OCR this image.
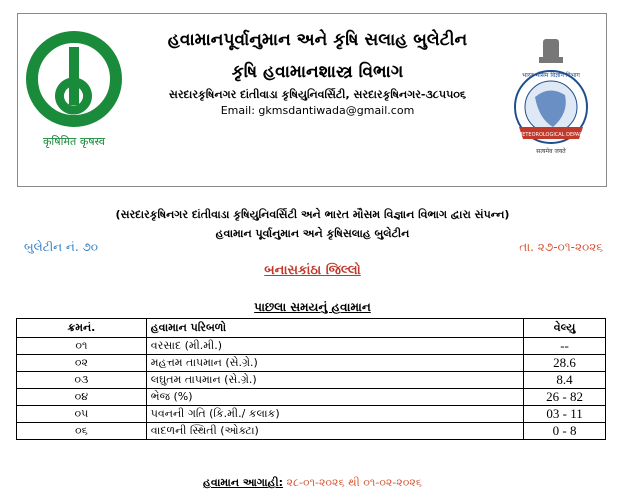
कृषिमित कृषस्व	INDIA METEOROLOGICAL DEPARTMENT
भारत मौसम विज्ञान विभाग
सत्यमेव जयते
હવામાનપૂર્વાનુમાન અને કૃષિ સલાહ બુલેટીન
કૃષિ હવામાનશાસ્ત્ર વિભાગ
સરદારકૃષિનગર દાંતીવાડા કૃષિયુનિવર્સિટી, સરદારકૃષિનગર-૩૮૫૫૦૬
Email: gkmsdantiwada@gmail.com
(સરદારકૃષિનગર દાંતીવાડા કૃષિયુનિવર્સિટી અને ભારત મૌસમ વિજ્ઞાન વિભાગ દ્વારા સંપન્ન)
હવામાન પૂર્વાનુમાન અને કૃષિસલાહ બુલેટીન
બુલેટીન નં. ૭૦	તા. ૨૭-૦૧-૨૦૨૬
બનાસકાંઠા જિલ્લો
પાછલા સમયનું હવામાન
ક્રમનં.	હવામાન પરિબળો	વેલ્યુ
૦૧	વરસાદ (મી.મી.)	--
૦૨	મહત્તમ તાપમાન (સે.ગ્રે.)	28.6
૦૩	લઘુતમ તાપમાન (સે.ગ્રે.)	8.4
૦૪	ભેજ (%)	26 - 82
૦૫	પવનની ગતિ (કિ.મી./ કલાક)	03 - 11
૦૬	વાદળની સ્થિતી (ઓક્ટા)	0 - 8
હવામાન આગાહી: ૨૮-૦૧-૨૦૨૬ થી ૦૧-૦૨-૨૦૨૬
